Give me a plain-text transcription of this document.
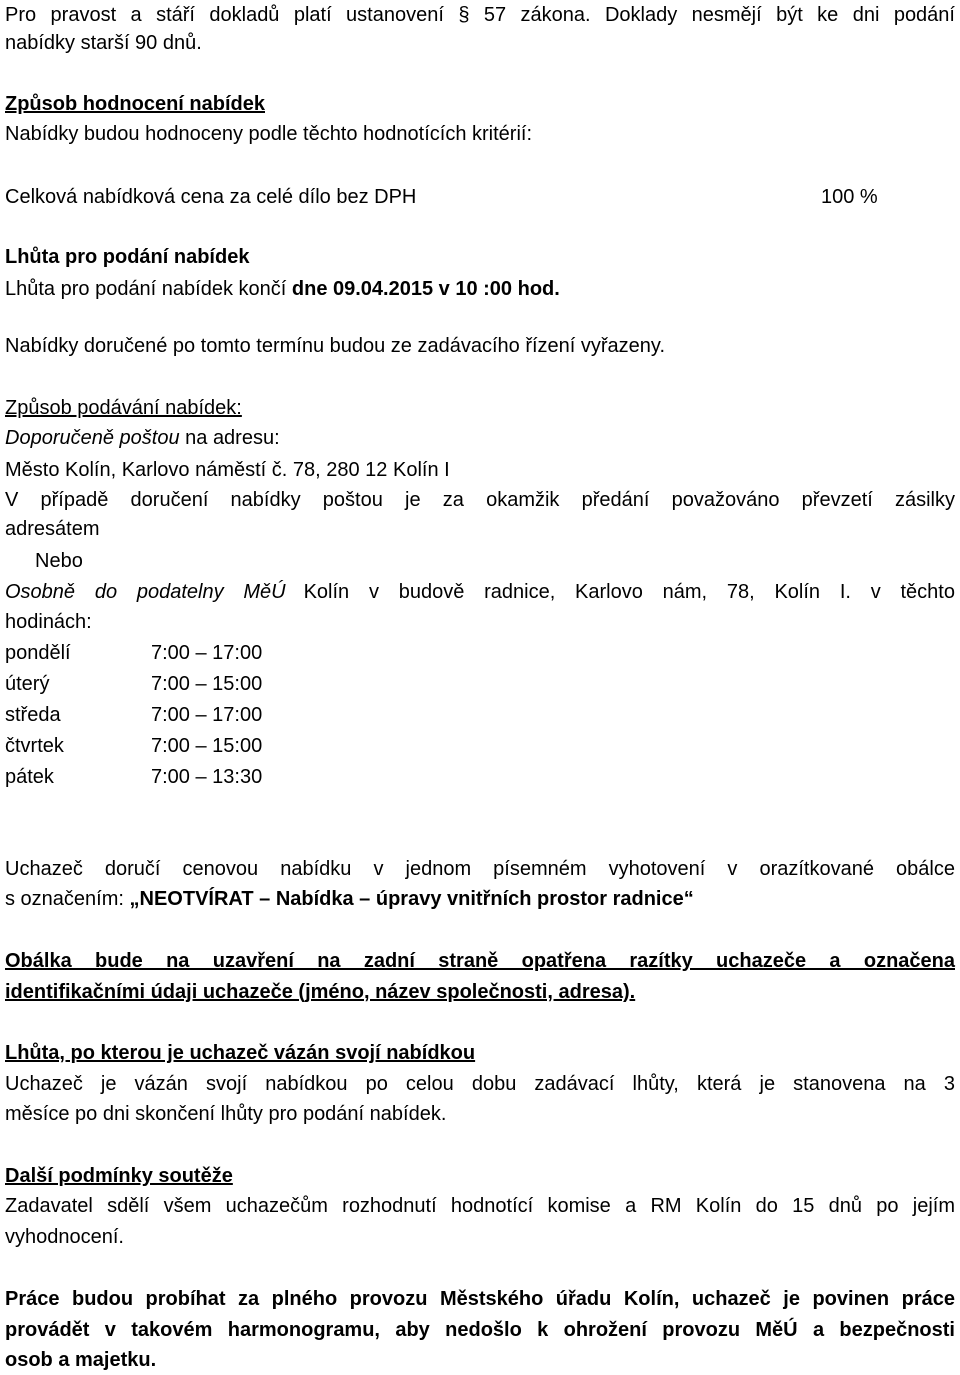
Pro pravost a stáří dokladů platí ustanovení § 57 zákona. Doklady nesmějí být ke dni podání
nabídky starší 90 dnů.
Způsob hodnocení nabídek
Nabídky budou hodnoceny podle těchto hodnotících kritérií:
Celková nabídková cena za celé dílo bez DPH	100 %
Lhůta pro podání nabídek
Lhůta pro podání nabídek končí dne 09.04.2015 v 10 :00 hod.
Nabídky doručené po tomto termínu budou ze zadávacího řízení vyřazeny.
Způsob podávání nabídek:
Doporučeně poštou na adresu:
Město Kolín, Karlovo náměstí č. 78, 280 12 Kolín I
V případě doručení nabídky poštou je za okamžik předání považováno převzetí zásilky
adresátem
Nebo
Osobně do podatelny MěÚ Kolín v budově radnice, Karlovo nám, 78, Kolín I. v těchto
hodinách:
pondělí	7:00 – 17:00
úterý	7:00 – 15:00
středa	7:00 – 17:00
čtvrtek	7:00 – 15:00
pátek	7:00 – 13:30
Uchazeč doručí cenovou nabídku v jednom písemném vyhotovení v orazítkované obálce
s označením: „NEOTVÍRAT – Nabídka – úpravy vnitřních prostor radnice“
Obálka bude na uzavření na zadní straně opatřena razítky uchazeče a označena
identifikačními údaji uchazeče (jméno, název společnosti, adresa).
Lhůta, po kterou je uchazeč vázán svojí nabídkou
Uchazeč je vázán svojí nabídkou po celou dobu zadávací lhůty, která je stanovena na 3
měsíce po dni skončení lhůty pro podání nabídek.
Další podmínky soutěže
Zadavatel sdělí všem uchazečům rozhodnutí hodnotící komise a RM Kolín do 15 dnů po jejím
vyhodnocení.
Práce budou probíhat za plného provozu Městského úřadu Kolín, uchazeč je povinen práce
provádět v takovém harmonogramu, aby nedošlo k ohrožení provozu MěÚ a bezpečnosti
osob a majetku.
